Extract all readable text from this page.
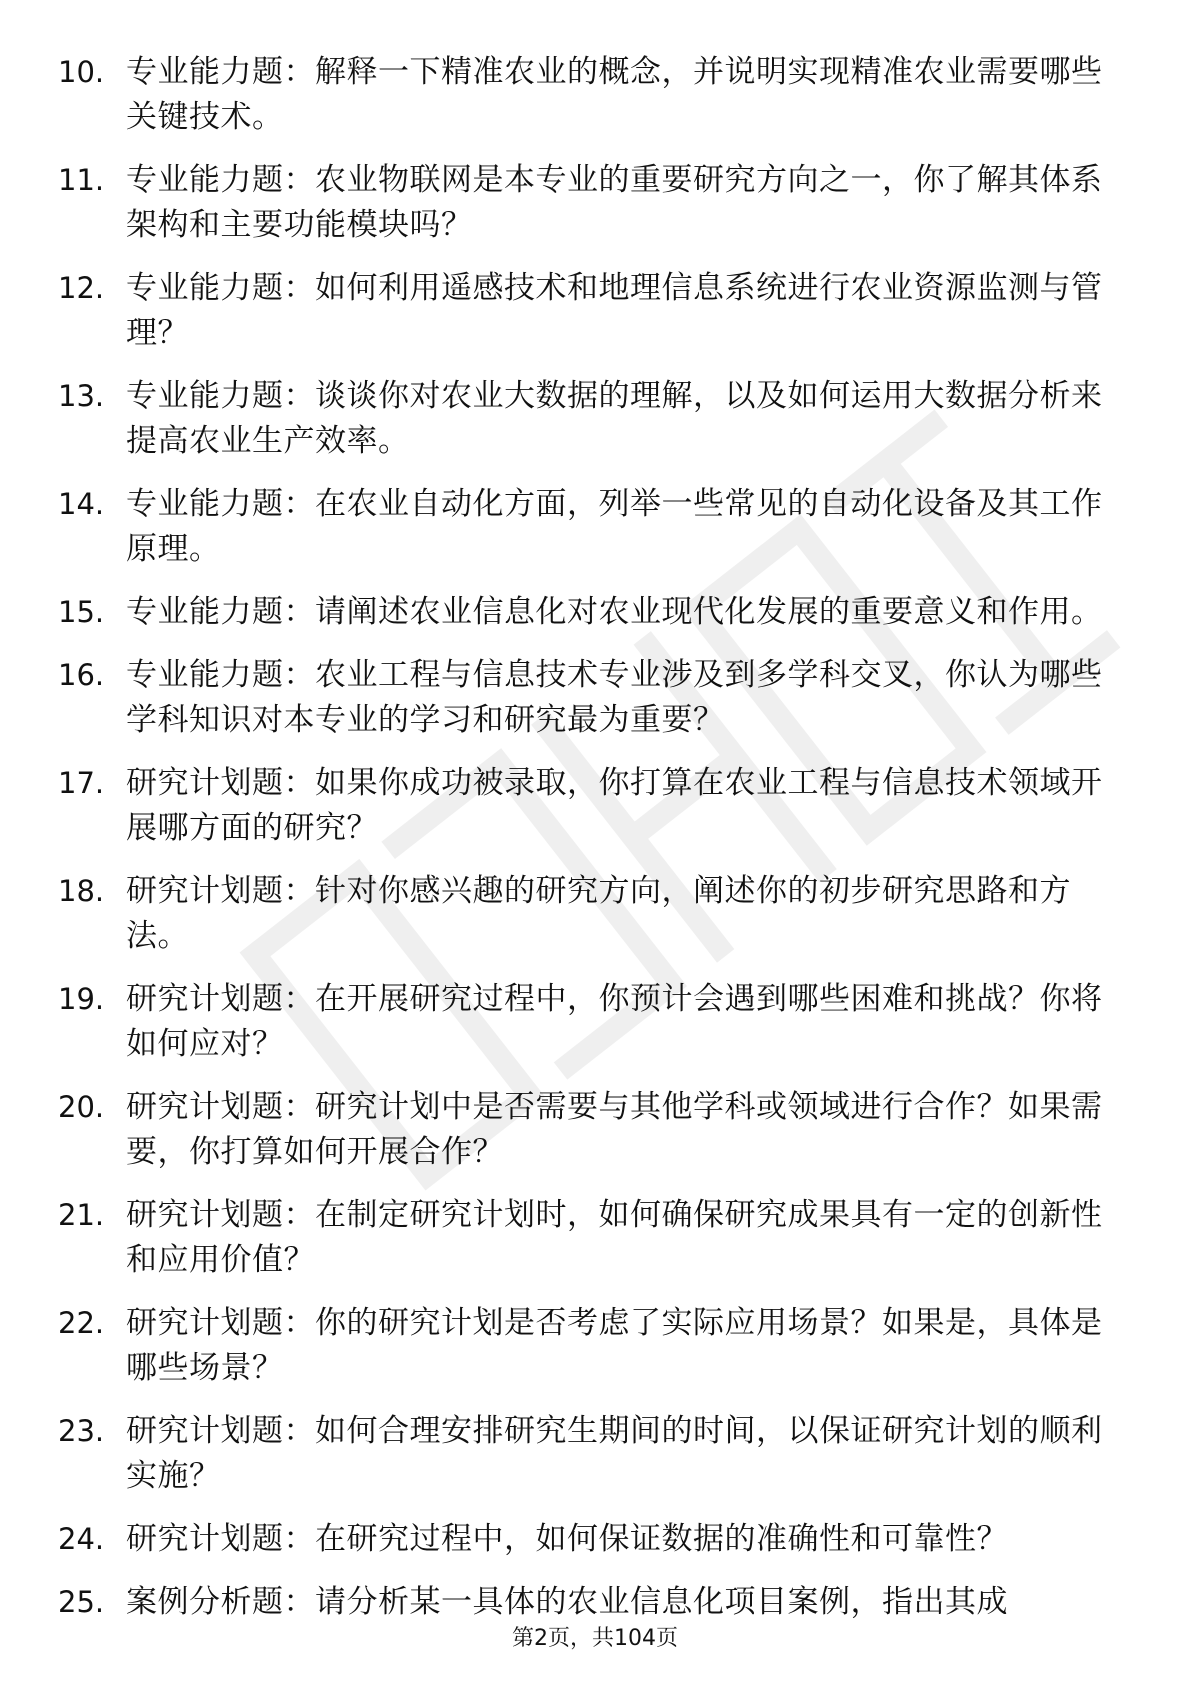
10. 专业能力题：解释一下精准农业的概念，并说明实现精准农业需要哪些关键技术。
11. 专业能力题：农业物联网是本专业的重要研究方向之一，你了解其体系架构和主要功能模块吗？
12. 专业能力题：如何利用遥感技术和地理信息系统进行农业资源监测与管理？
13. 专业能力题：谈谈你对农业大数据的理解，以及如何运用大数据分析来提高农业生产效率。
14. 专业能力题：在农业自动化方面，列举一些常见的自动化设备及其工作原理。
15. 专业能力题：请阐述农业信息化对农业现代化发展的重要意义和作用。
16. 专业能力题：农业工程与信息技术专业涉及到多学科交叉，你认为哪些学科知识对本专业的学习和研究最为重要？
17. 研究计划题：如果你成功被录取，你打算在农业工程与信息技术领域开展哪方面的研究？
18. 研究计划题：针对你感兴趣的研究方向，阐述你的初步研究思路和方法。
19. 研究计划题：在开展研究过程中，你预计会遇到哪些困难和挑战？你将如何应对？
20. 研究计划题：研究计划中是否需要与其他学科或领域进行合作？如果需要，你打算如何开展合作？
21. 研究计划题：在制定研究计划时，如何确保研究成果具有一定的创新性和应用价值？
22. 研究计划题：你的研究计划是否考虑了实际应用场景？如果是，具体是哪些场景？
23. 研究计划题：如何合理安排研究生期间的时间，以保证研究计划的顺利实施？
24. 研究计划题：在研究过程中，如何保证数据的准确性和可靠性？
25. 案例分析题：请分析某一具体的农业信息化项目案例，指出其成
第2页，共104页
